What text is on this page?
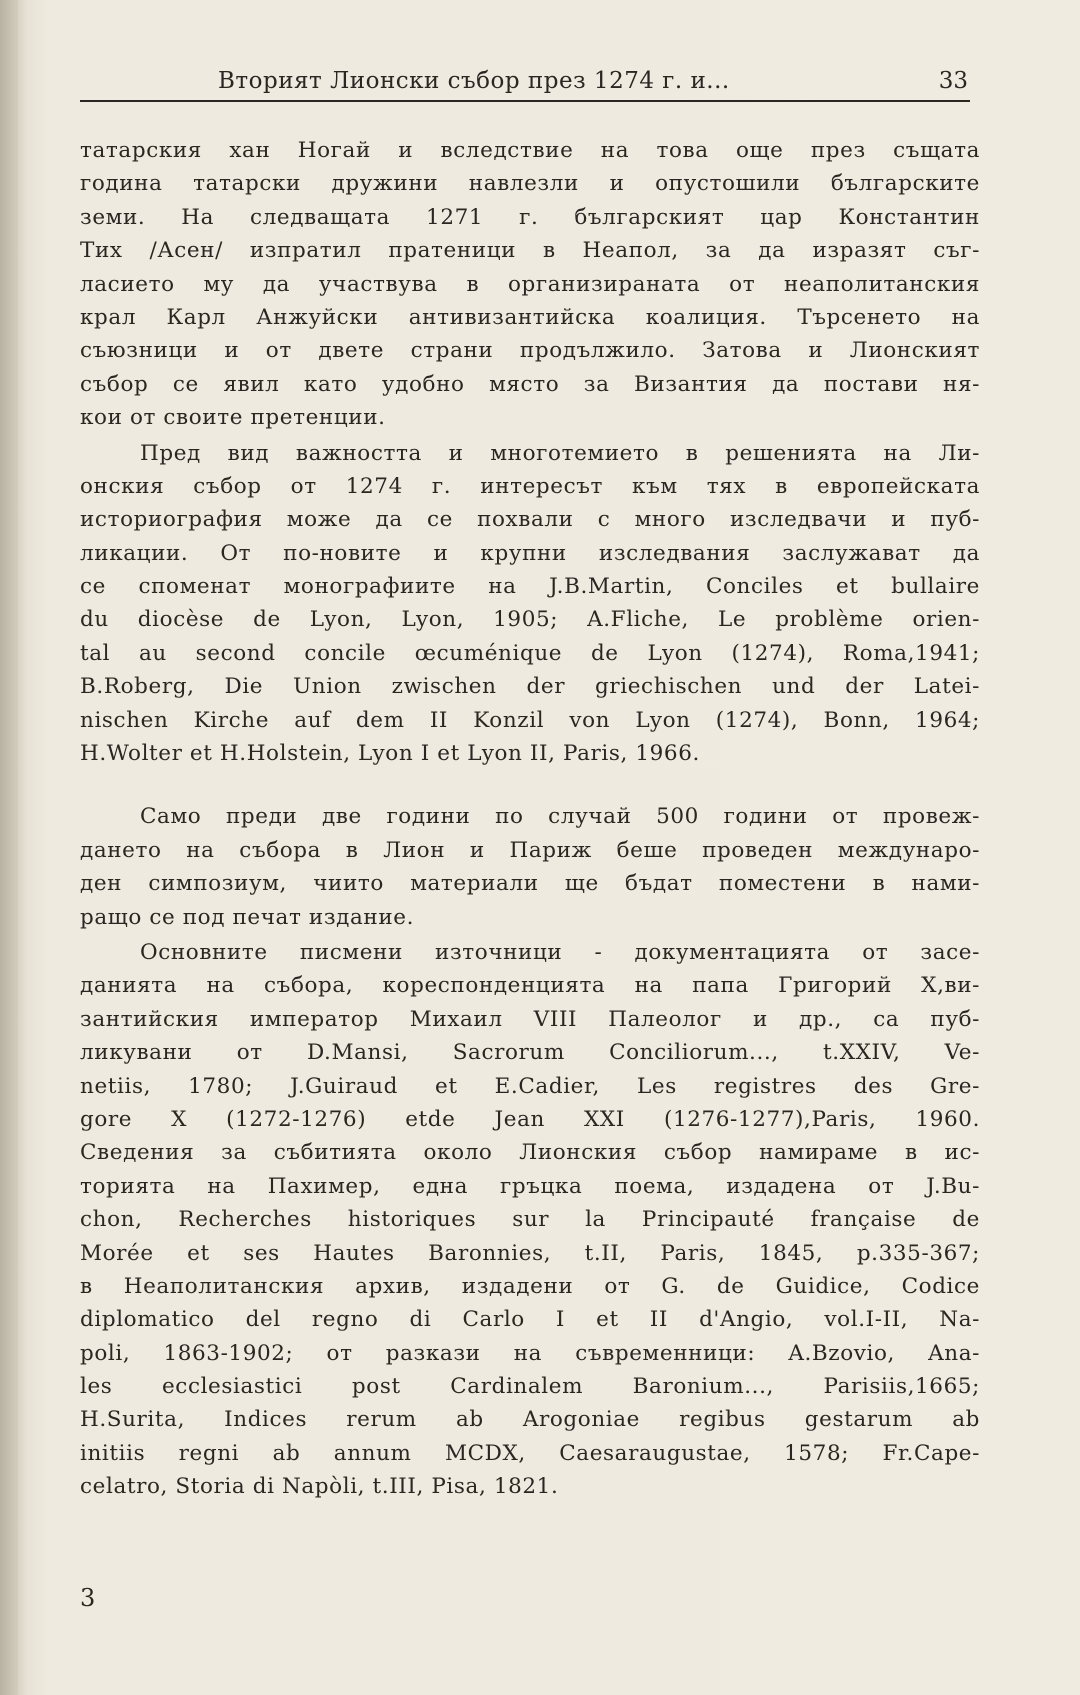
Вторият Лионски събор през 1274 г. и...	33
татарския хан Ногай и вследствие на това още през същата
година татарски дружини навлезли и опустошили българските
земи. На следващата 1271 г. българският цар Константин
Тих /Асен/ изпратил пратеници в Неапол, за да изразят съг-
ласието му да участвува в организираната от неаполитанския
крал Карл Анжуйски антивизантийска коалиция. Търсенето на
съюзници и от двете страни продължило. Затова и Лионският
събор се явил като удобно място за Византия да постави ня-
кои от своите претенции.
Пред вид важността и многотемието в решенията на Ли-
онския събор от 1274 г. интересът към тях в европейската
историография може да се похвали с много изследвачи и пуб-
ликации. От по-новите и крупни изследвания заслужават да
се споменат монографиите на J.B.Martin, Conciles et bullaire
du diocèse de Lyon, Lyon, 1905; A.Fliche, Le problème orien-
tal au second concile œcuménique de Lyon (1274), Roma,1941;
B.Roberg, Die Union zwischen der griechischen und der Latei-
nischen Kirche auf dem II Konzil von Lyon (1274), Bonn, 1964;
H.Wolter et H.Holstein, Lyon I et Lyon II, Paris, 1966.
Само преди две години по случай 500 години от провеж-
дането на събора в Лион и Париж беше проведен междунаро-
ден симпозиум, чиито материали ще бъдат поместени в нами-
ращо се под печат издание.
Основните писмени източници - документацията от засе-
данията на събора, кореспонденцията на папа Григорий X,ви-
зантийския император Михаил VIII Палеолог и др., са пуб-
ликувани от D.Mansi, Sacrorum Conciliorum..., t.XXIV, Ve-
netiis, 1780; J.Guiraud et E.Cadier, Les registres des Gre-
gore X (1272-1276) etde Jean XXI (1276-1277),Paris, 1960.
Сведения за събитията около Лионския събор намираме в ис-
торията на Пахимер, една гръцка поема, издадена от J.Bu-
chon, Recherches historiques sur la Principauté française de
Morée et ses Hautes Baronnies, t.II, Paris, 1845, p.335-367;
в Неаполитанския архив, издадени от G. de Guidice, Codice
diplomatico del regno di Carlo I et II d'Angio, vol.I-II, Na-
poli, 1863-1902; от разкази на съвременници: A.Bzovio, Ana-
les ecclesiastici post Cardinalem Baronium..., Parisiis,1665;
H.Surita, Indices rerum ab Arogoniae regibus gestarum ab
initiis regni ab annum MCDX, Caesaraugustae, 1578; Fr.Cape-
celatro, Storia di Napòli, t.III, Pisa, 1821.
3
